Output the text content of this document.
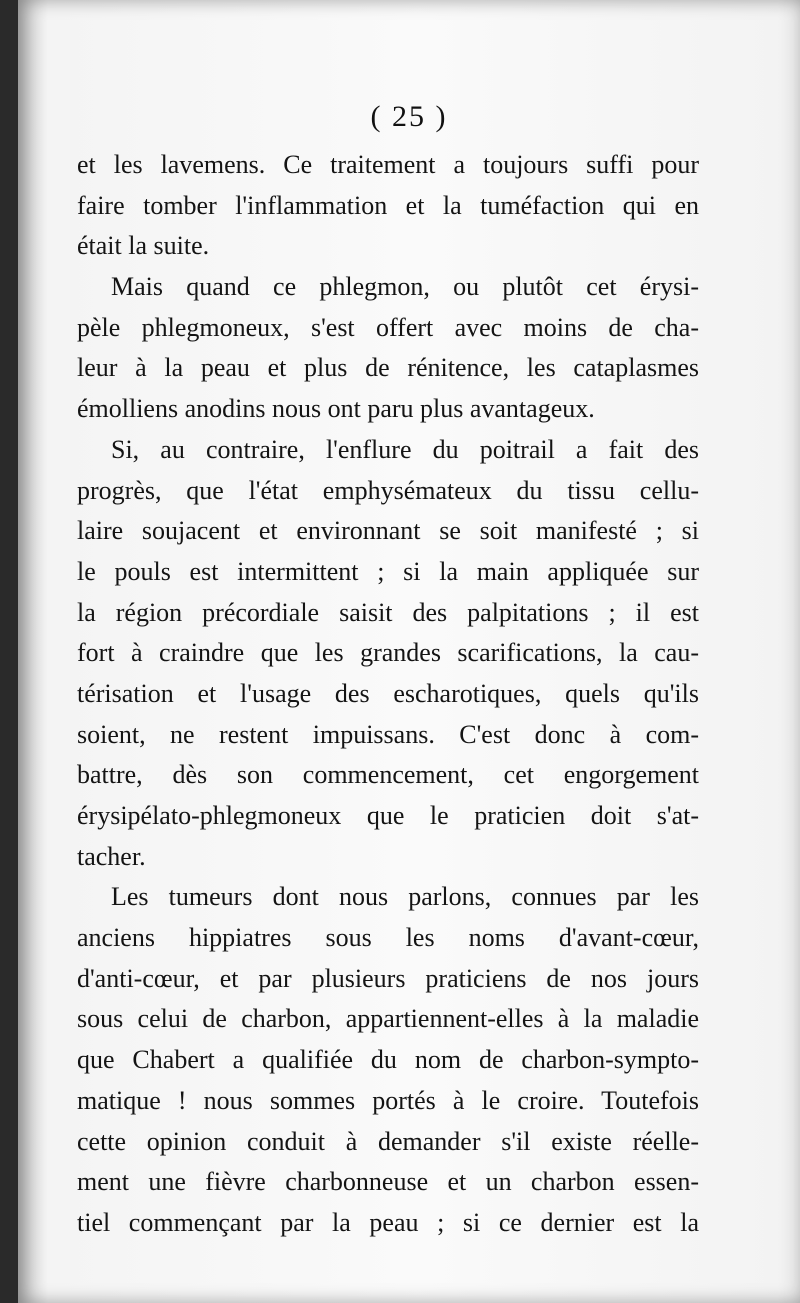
( 25 )
et les lavemens. Ce traitement a toujours suffi pour
faire tomber l'inflammation et la tuméfaction qui en
était la suite.
Mais quand ce phlegmon, ou plutôt cet érysi-
pèle phlegmoneux, s'est offert avec moins de cha-
leur à la peau et plus de rénitence, les cataplasmes
émolliens anodins nous ont paru plus avantageux.
Si, au contraire, l'enflure du poitrail a fait des
progrès, que l'état emphysémateux du tissu cellu-
laire soujacent et environnant se soit manifesté ; si
le pouls est intermittent ; si la main appliquée sur
la région précordiale saisit des palpitations ; il est
fort à craindre que les grandes scarifications, la cau-
térisation et l'usage des escharotiques, quels qu'ils
soient, ne restent impuissans. C'est donc à com-
battre, dès son commencement, cet engorgement
érysipélato-phlegmoneux que le praticien doit s'at-
tacher.
Les tumeurs dont nous parlons, connues par les
anciens hippiatres sous les noms d'avant-cœur,
d'anti-cœur, et par plusieurs praticiens de nos jours
sous celui de charbon, appartiennent-elles à la maladie
que Chabert a qualifiée du nom de charbon-sympto-
matique ! nous sommes portés à le croire. Toutefois
cette opinion conduit à demander s'il existe réelle-
ment une fièvre charbonneuse et un charbon essen-
tiel commençant par la peau ; si ce dernier est la
